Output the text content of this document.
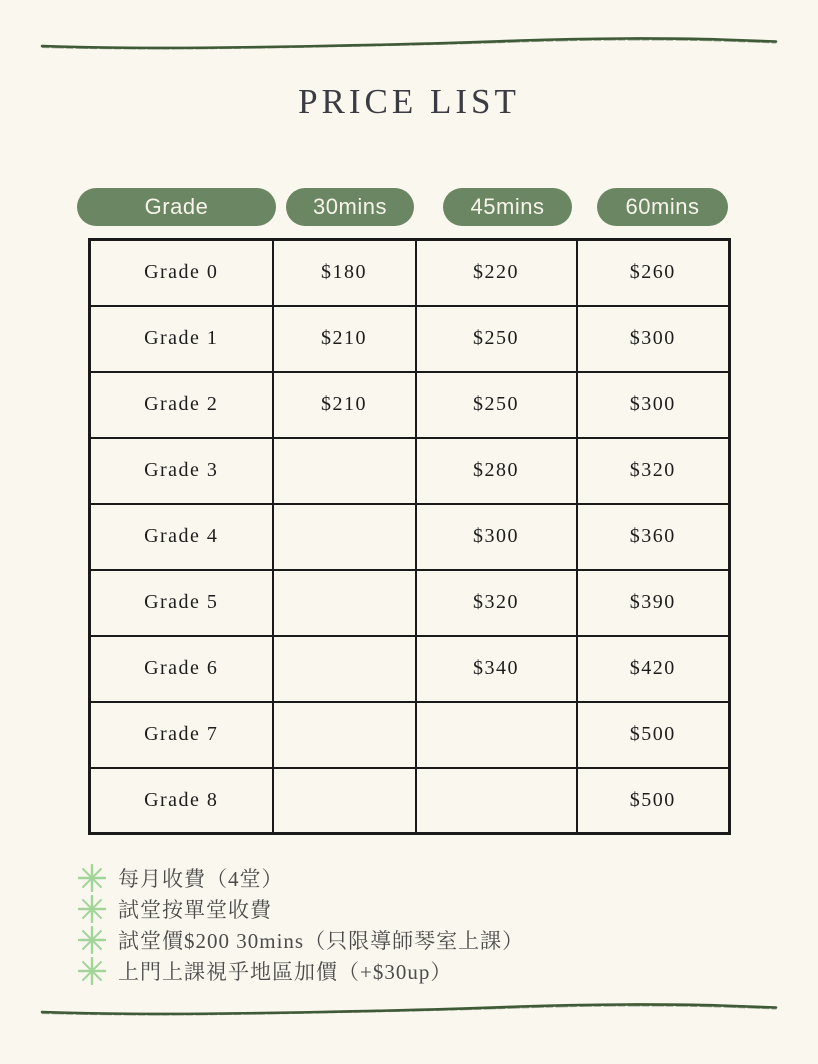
PRICE LIST
Grade	30mins	45mins	60mins
Grade 0	$180	$220	$260
Grade 1	$210	$250	$300
Grade 2	$210	$250	$300
Grade 3		$280	$320
Grade 4		$300	$360
Grade 5		$320	$390
Grade 6		$340	$420
Grade 7			$500
Grade 8			$500
每月收費（4堂）
試堂按單堂收費
試堂價$200 30mins（只限導師琴室上課）
上門上課視乎地區加價（+$30up）
